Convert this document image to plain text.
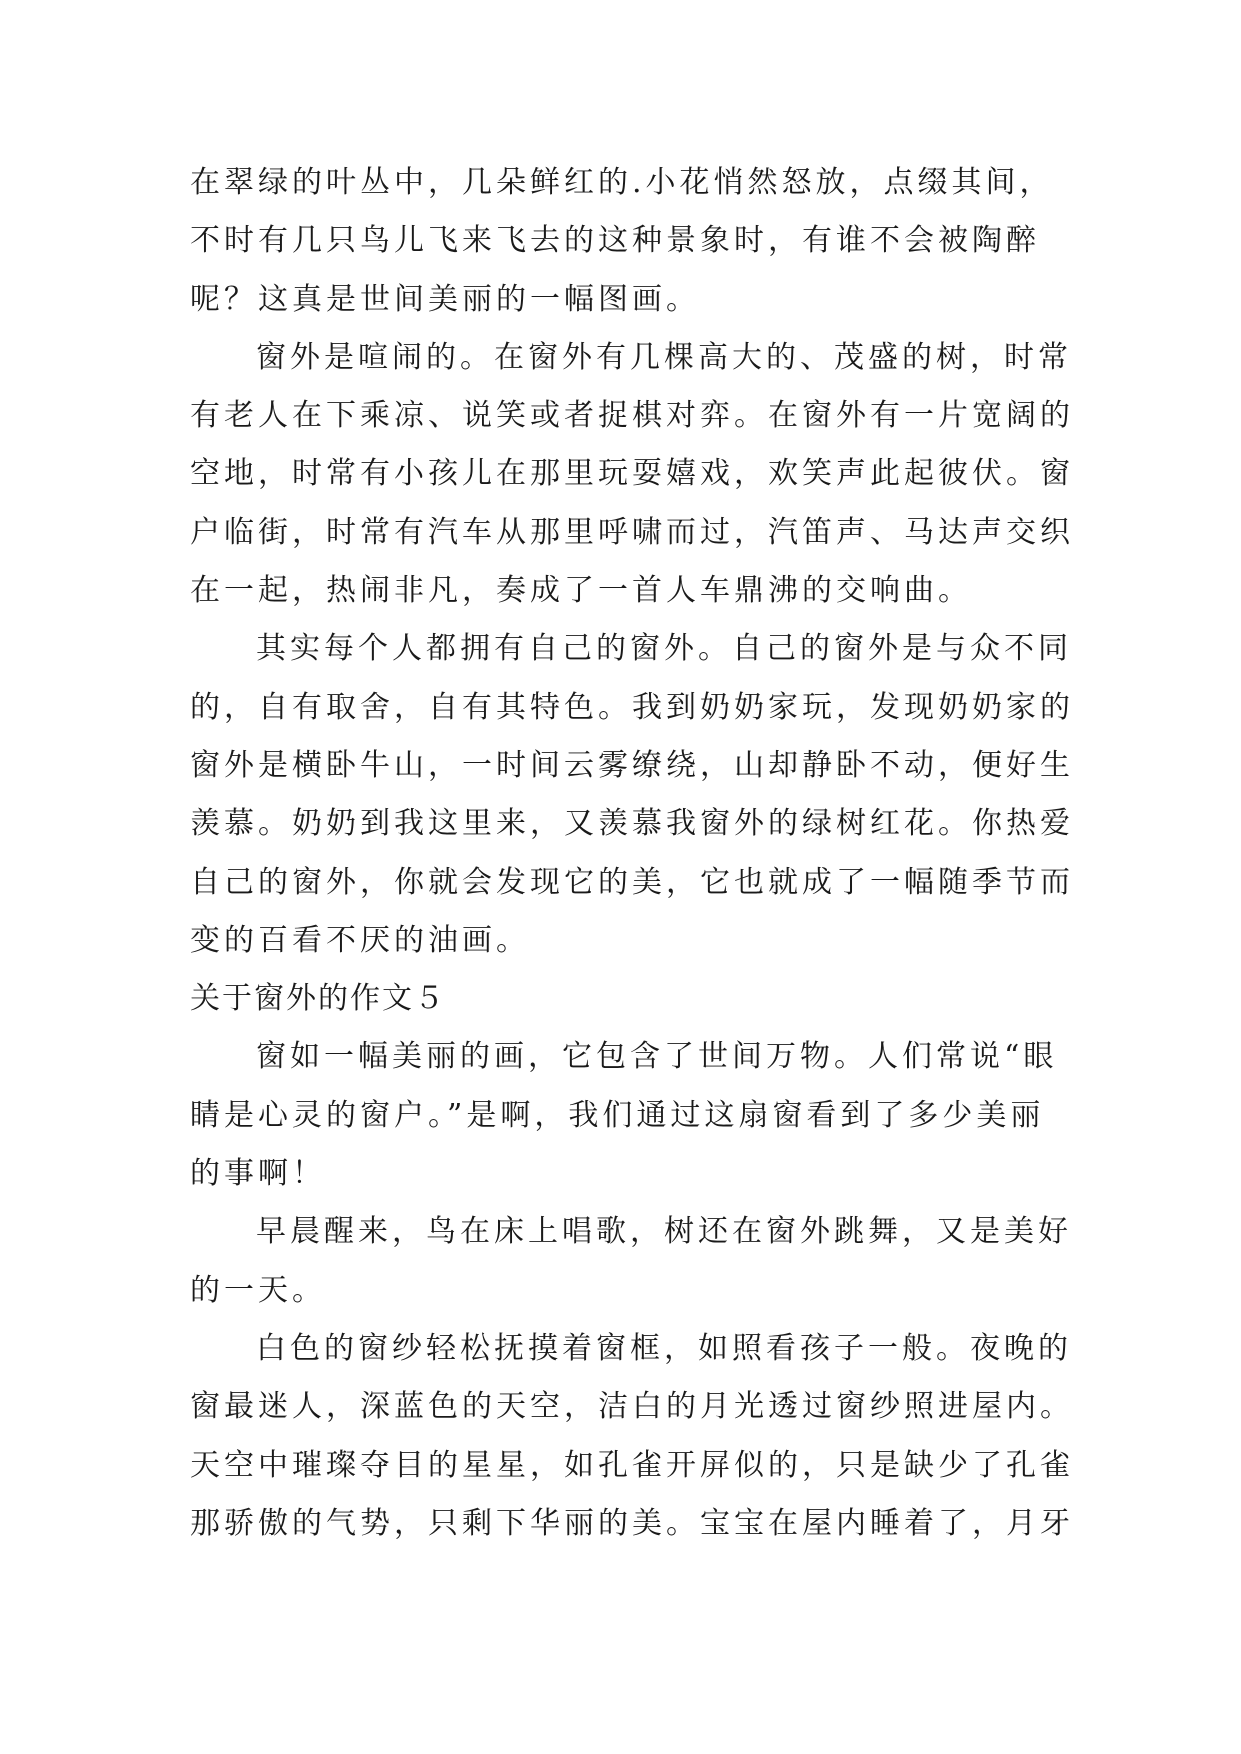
在翠绿的叶丛中，几朵鲜红的.小花悄然怒放，点缀其间，
不时有几只鸟儿飞来飞去的这种景象时，有谁不会被陶醉
呢？这真是世间美丽的一幅图画。
窗外是喧闹的。在窗外有几棵高大的、茂盛的树，时常
有老人在下乘凉、说笑或者捉棋对弈。在窗外有一片宽阔的
空地，时常有小孩儿在那里玩耍嬉戏，欢笑声此起彼伏。窗
户临街，时常有汽车从那里呼啸而过，汽笛声、马达声交织
在一起，热闹非凡，奏成了一首人车鼎沸的交响曲。
其实每个人都拥有自己的窗外。自己的窗外是与众不同
的，自有取舍，自有其特色。我到奶奶家玩，发现奶奶家的
窗外是横卧牛山，一时间云雾缭绕，山却静卧不动，便好生
羡慕。奶奶到我这里来，又羡慕我窗外的绿树红花。你热爱
自己的窗外，你就会发现它的美，它也就成了一幅随季节而
变的百看不厌的油画。
关于窗外的作文５
窗如一幅美丽的画，它包含了世间万物。人们常说“眼
睛是心灵的窗户。”是啊，我们通过这扇窗看到了多少美丽
的事啊！
早晨醒来，鸟在床上唱歌，树还在窗外跳舞，又是美好
的一天。
白色的窗纱轻松抚摸着窗框，如照看孩子一般。夜晚的
窗最迷人，深蓝色的天空，洁白的月光透过窗纱照进屋内。
天空中璀璨夺目的星星，如孔雀开屏似的，只是缺少了孔雀
那骄傲的气势，只剩下华丽的美。宝宝在屋内睡着了，月牙
